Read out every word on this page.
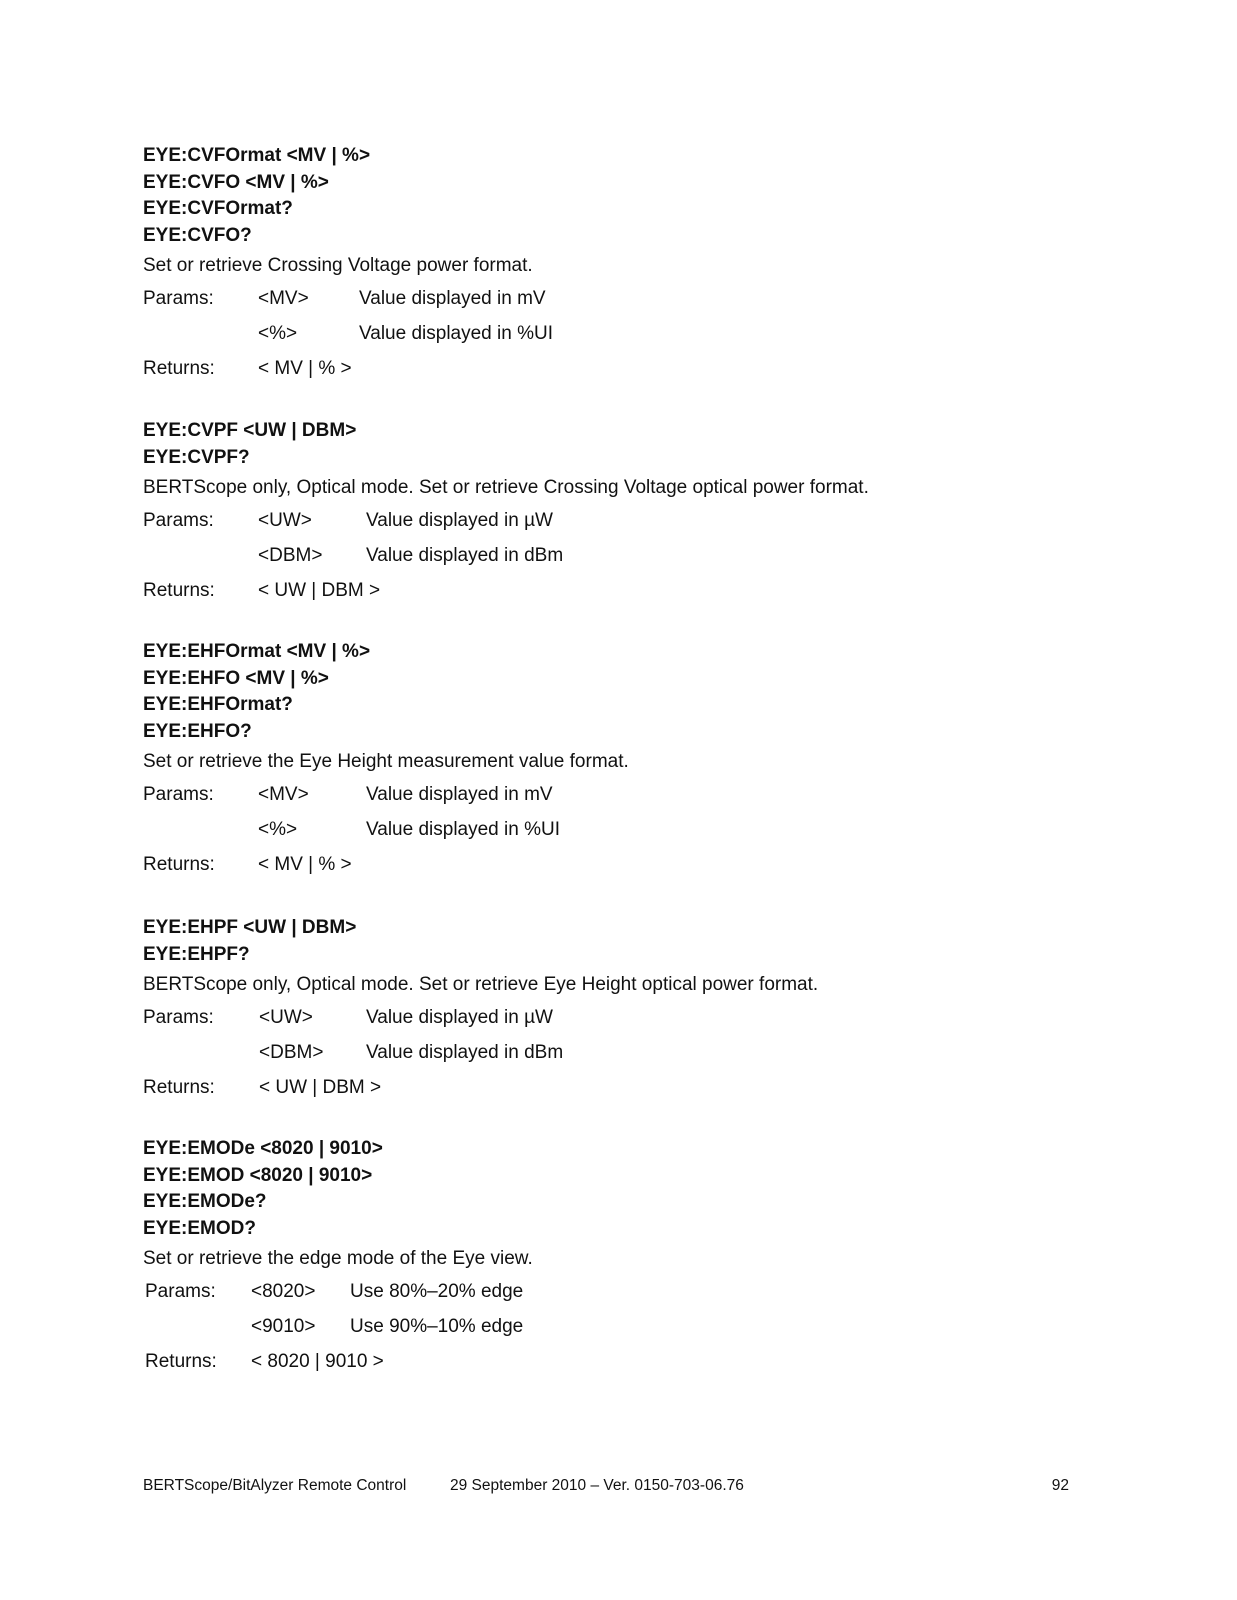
EYE:CVFOrmat <MV | %>

EYE:CVFO <MV | %>

EYE:CVFOrmat?

EYE:CVFO?

Set or retrieve Crossing Voltage power format.

Params:	<MV>	Value displayed in mV
<%>	Value displayed in %UI
Returns:	< MV | % >

EYE:CVPF <UW | DBM>

EYE:CVPF?

BERTScope only, Optical mode. Set or retrieve Crossing Voltage optical power format.

Params:	<UW>	Value displayed in µW
<DBM>	Value displayed in dBm
Returns:	< UW | DBM >

EYE:EHFOrmat <MV | %>

EYE:EHFO <MV | %>

EYE:EHFOrmat?

EYE:EHFO?

Set or retrieve the Eye Height measurement value format.

Params:	<MV>	Value displayed in mV
<%>	Value displayed in %UI
Returns:	< MV | % >

EYE:EHPF <UW | DBM>

EYE:EHPF?

BERTScope only, Optical mode. Set or retrieve Eye Height optical power format.

Params:	<UW>	Value displayed in µW
<DBM>	Value displayed in dBm
Returns:	< UW | DBM >

EYE:EMODe <8020 | 9010>

EYE:EMOD <8020 | 9010>

EYE:EMODe?

EYE:EMOD?

Set or retrieve the edge mode of the Eye view.

Params:	<8020>	Use 80%–20% edge
<9010>	Use 90%–10% edge
Returns:	< 8020 | 9010 >
BERTScope/BitAlyzer Remote Control	29 September 2010 – Ver. 0150-703-06.76	92
